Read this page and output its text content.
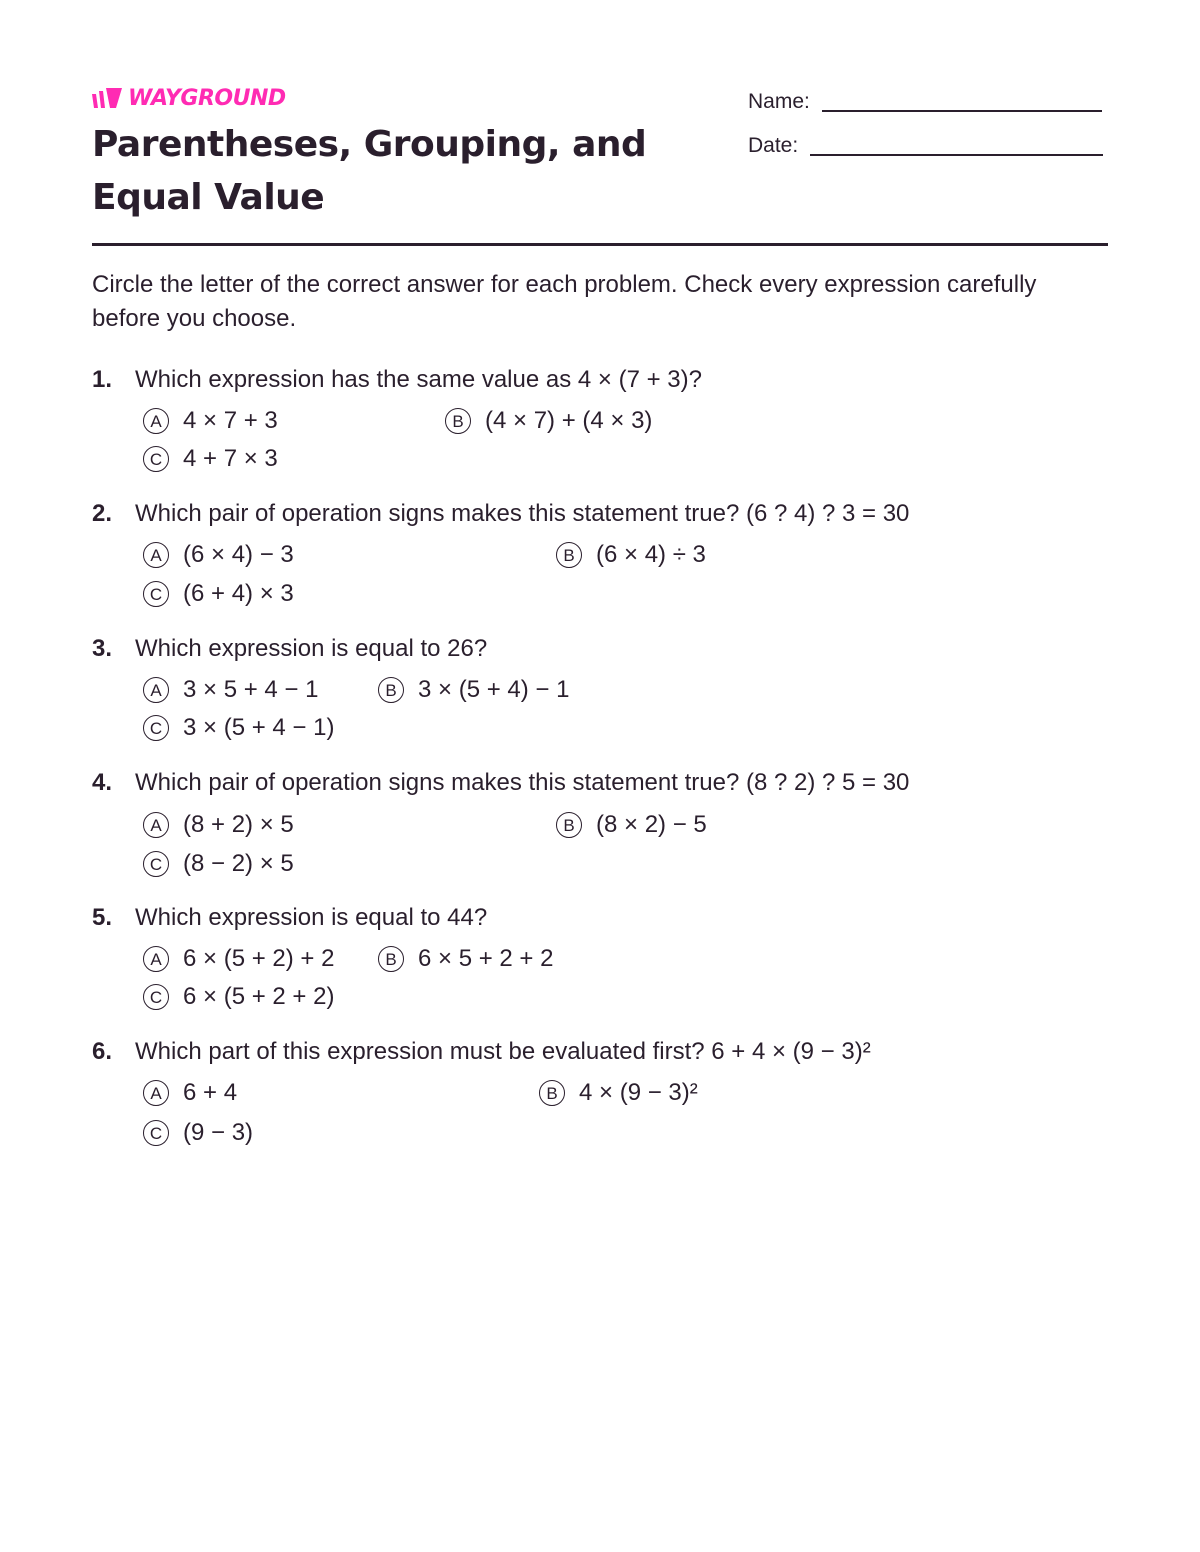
WAYGROUND
Parentheses, Grouping, and Equal Value
Name:
Date:

Circle the letter of the correct answer for each problem. Check every expression carefully before you choose.

1. Which expression has the same value as 4 × (7 + 3)?
A 4 × 7 + 3	B (4 × 7) + (4 × 3)
C 4 + 7 × 3
2. Which pair of operation signs makes this statement true? (6 ? 4) ? 3 = 30
A (6 × 4) − 3	B (6 × 4) ÷ 3
C (6 + 4) × 3
3. Which expression is equal to 26?
A 3 × 5 + 4 − 1	B 3 × (5 + 4) − 1
C 3 × (5 + 4 − 1)
4. Which pair of operation signs makes this statement true? (8 ? 2) ? 5 = 30
A (8 + 2) × 5	B (8 × 2) − 5
C (8 − 2) × 5
5. Which expression is equal to 44?
A 6 × (5 + 2) + 2	B 6 × 5 + 2 + 2
C 6 × (5 + 2 + 2)
6. Which part of this expression must be evaluated first? 6 + 4 × (9 − 3)²
A 6 + 4	B 4 × (9 − 3)²
C (9 − 3)
